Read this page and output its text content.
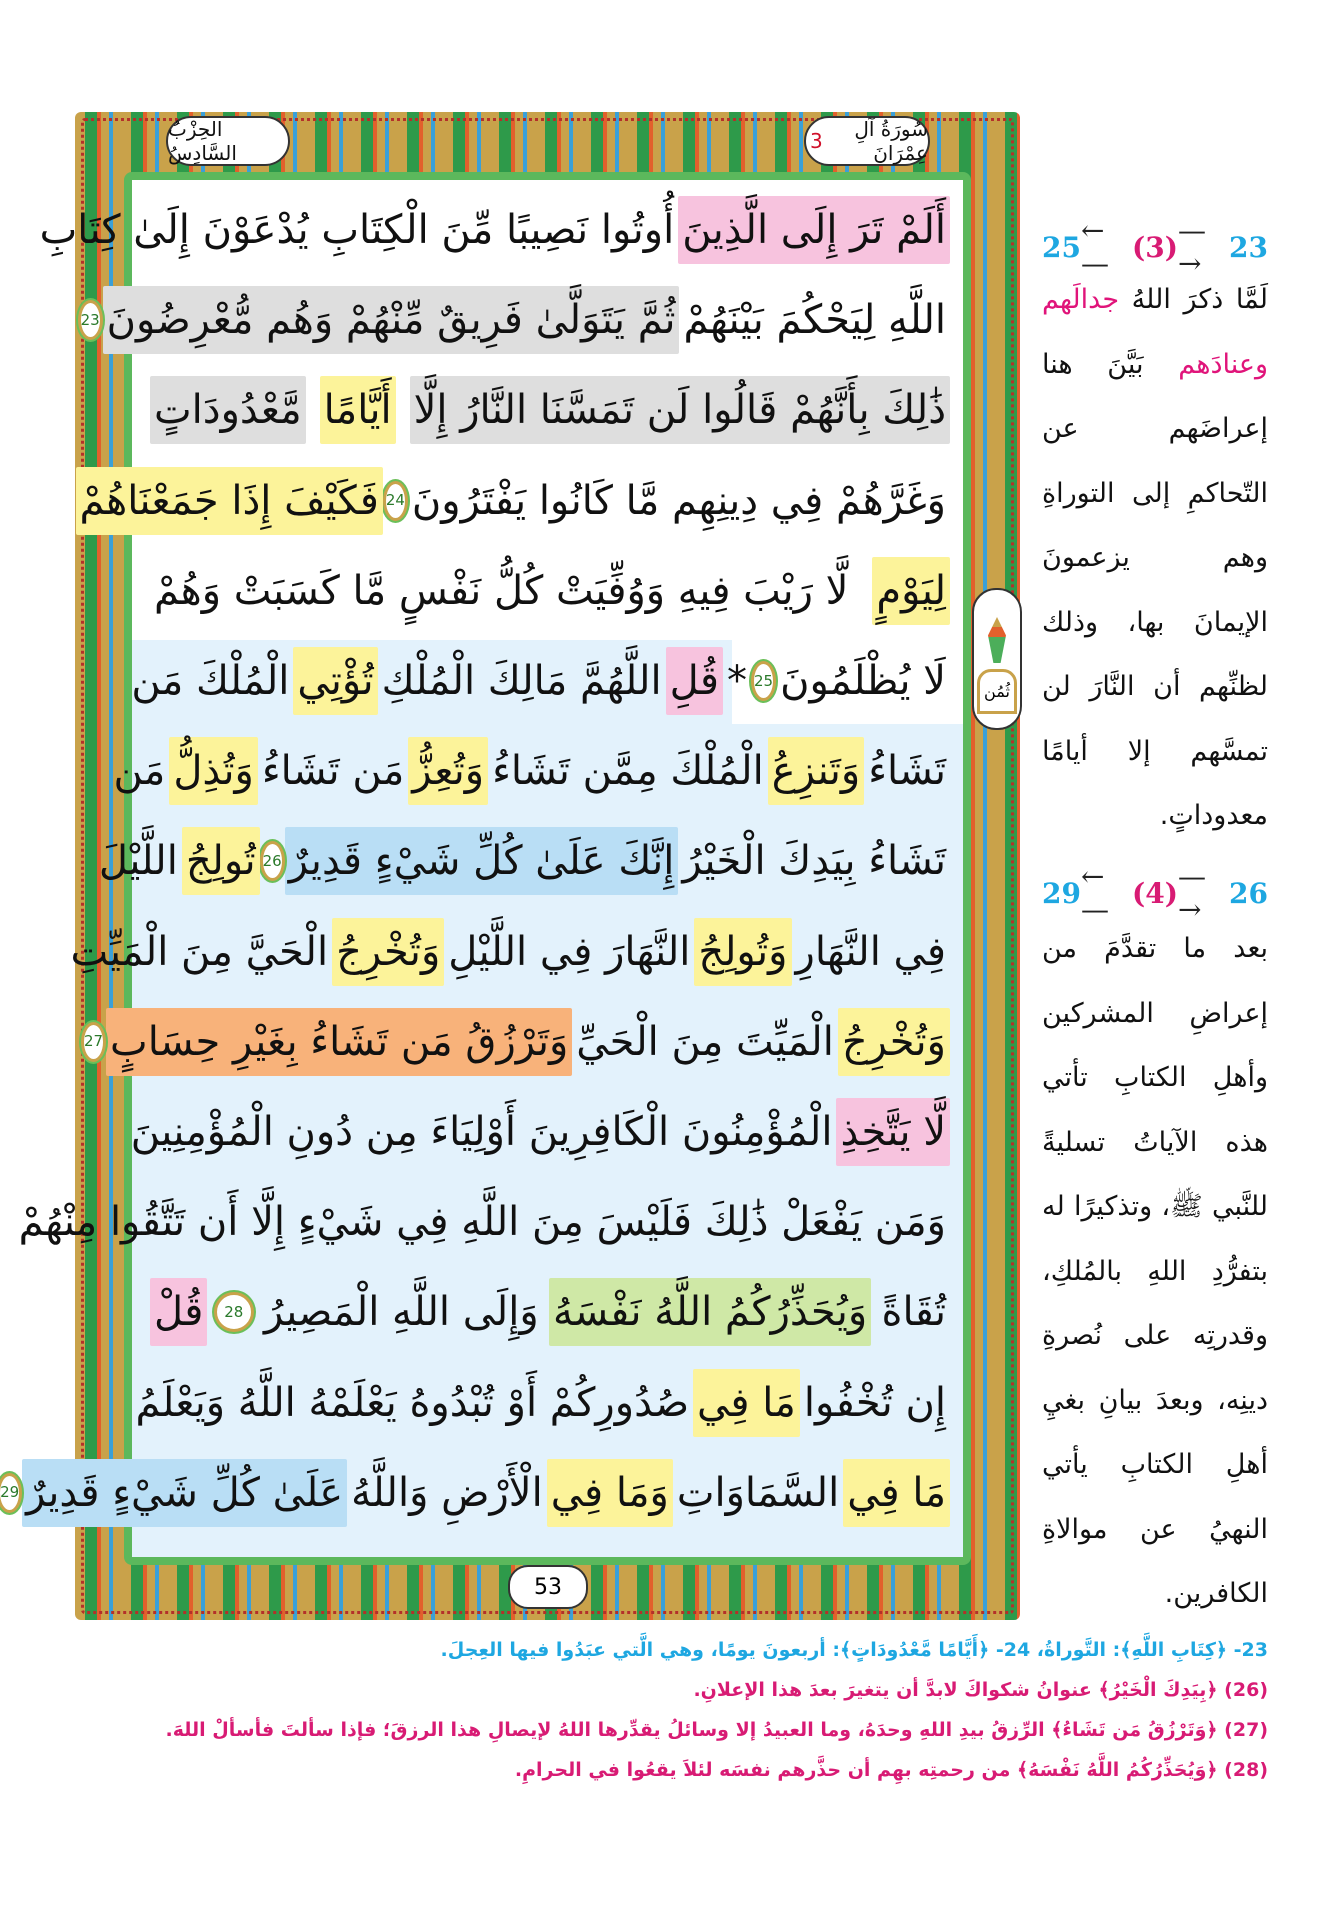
الحِزْبُ السَّادِسُ
سُورَةُ آلِ عِمْرَانَ
3
أَلَمْ تَرَ إِلَى الَّذِينَ
أُوتُوا نَصِيبًا مِّنَ الْكِتَابِ يُدْعَوْنَ إِلَىٰ كِتَابِ
اللَّهِ لِيَحْكُمَ بَيْنَهُمْ
ثُمَّ يَتَوَلَّىٰ فَرِيقٌ مِّنْهُمْ وَهُم مُّعْرِضُونَ
23
ذَٰلِكَ بِأَنَّهُمْ قَالُوا لَن تَمَسَّنَا النَّارُ إِلَّا
أَيَّامًا
مَّعْدُودَاتٍ
وَغَرَّهُمْ فِي دِينِهِم مَّا كَانُوا يَفْتَرُونَ
24
فَكَيْفَ إِذَا جَمَعْنَاهُمْ
لِيَوْمٍ
لَّا رَيْبَ فِيهِ وَوُفِّيَتْ كُلُّ نَفْسٍ مَّا كَسَبَتْ وَهُمْ
لَا يُظْلَمُونَ
25
*
قُلِ
اللَّهُمَّ مَالِكَ الْمُلْكِ
تُؤْتِي
الْمُلْكَ مَن
تَشَاءُ
وَتَنزِعُ
الْمُلْكَ مِمَّن تَشَاءُ
وَتُعِزُّ
مَن تَشَاءُ
وَتُذِلُّ
مَن
تَشَاءُ بِيَدِكَ الْخَيْرُ
إِنَّكَ عَلَىٰ كُلِّ شَيْءٍ قَدِيرٌ
26
تُولِجُ
اللَّيْلَ
فِي النَّهَارِ
وَتُولِجُ
النَّهَارَ فِي اللَّيْلِ
وَتُخْرِجُ
الْحَيَّ مِنَ الْمَيِّتِ
وَتُخْرِجُ
الْمَيِّتَ مِنَ الْحَيِّ
وَتَرْزُقُ مَن تَشَاءُ بِغَيْرِ حِسَابٍ
27
لَّا يَتَّخِذِ
الْمُؤْمِنُونَ الْكَافِرِينَ أَوْلِيَاءَ مِن دُونِ الْمُؤْمِنِينَ
وَمَن يَفْعَلْ ذَٰلِكَ فَلَيْسَ مِنَ اللَّهِ فِي شَيْءٍ إِلَّا أَن تَتَّقُوا مِنْهُمْ
تُقَاةً
وَيُحَذِّرُكُمُ اللَّهُ نَفْسَهُ
وَإِلَى اللَّهِ الْمَصِيرُ
28
قُلْ
إِن تُخْفُوا
مَا فِي
صُدُورِكُمْ أَوْ تُبْدُوهُ يَعْلَمْهُ اللَّهُ وَيَعْلَمُ
مَا فِي
السَّمَاوَاتِ
وَمَا فِي
الْأَرْضِ وَاللَّهُ
عَلَىٰ كُلِّ شَيْءٍ قَدِيرٌ
29
ثُمُن
53
25 ←— (3) —→ 23
لَمَّا ذكرَ اللهُ جدالَهم
وعنادَهم بَيَّنَ هنا
إعراضَهم عن
التّحاكمِ إلى التوراةِ
وهم يزعمونَ
الإيمانَ بها، وذلك
لظنِّهم أن النَّارَ لن
تمسَّهم إلا أيامًا
معدوداتٍ.
29 ←— (4) —→ 26
بعد ما تقدَّمَ من
إعراضِ المشركين
وأهلِ الكتابِ تأتي
هذه الآياتُ تسليةً
للنَّبي ﷺ، وتذكيرًا له
بتفرُّدِ اللهِ بالمُلكِ،
وقدرتِه على نُصرةِ
دينِه، وبعدَ بيانِ بغيِ
أهلِ الكتابِ يأتي
النهيُ عن موالاةِ
الكافرين.
23- ﴿كِتَابِ اللَّهِ﴾: التَّوراةُ، 24- ﴿أَيَّامًا مَّعْدُودَاتٍ﴾: أربعونَ يومًا، وهي الَّتي عبَدُوا فيها العِجلَ.
(26) ﴿بِيَدِكَ الْخَيْرُ﴾ عنوانُ شكواكَ لابدَّ أن يتغيرَ بعدَ هذا الإعلانِ.
(27) ﴿وَتَرْزُقُ مَن تَشَاءُ﴾ الرِّزقُ بيدِ اللهِ وحدَهُ، وما العبيدُ إلا وسائلُ يقدِّرها اللهُ لإيصالِ هذا الرزقَ؛ فإذا سألتَ فأسألْ اللهَ.
(28) ﴿وَيُحَذِّرُكُمُ اللَّهُ نَفْسَهُ﴾ من رحمتِه بهِم أن حذَّرهم نفسَه لئلاَ يقعُوا في الحرامِ.
